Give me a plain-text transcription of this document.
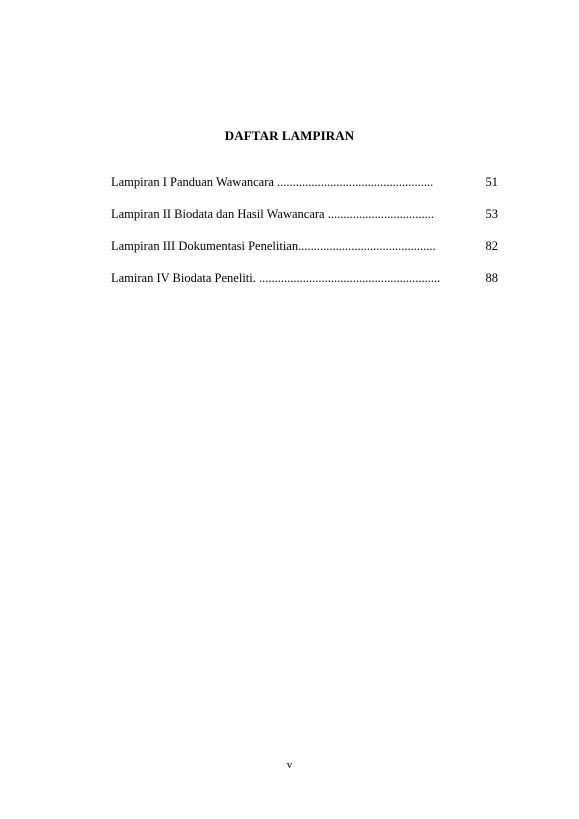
DAFTAR LAMPIRAN
Lampiran I Panduan Wawancara ..................................................	51
Lampiran II Biodata dan Hasil Wawancara ..................................	53
Lampiran III Dokumentasi Penelitian............................................	82
Lamiran IV Biodata Peneliti. ..........................................................	88
v
